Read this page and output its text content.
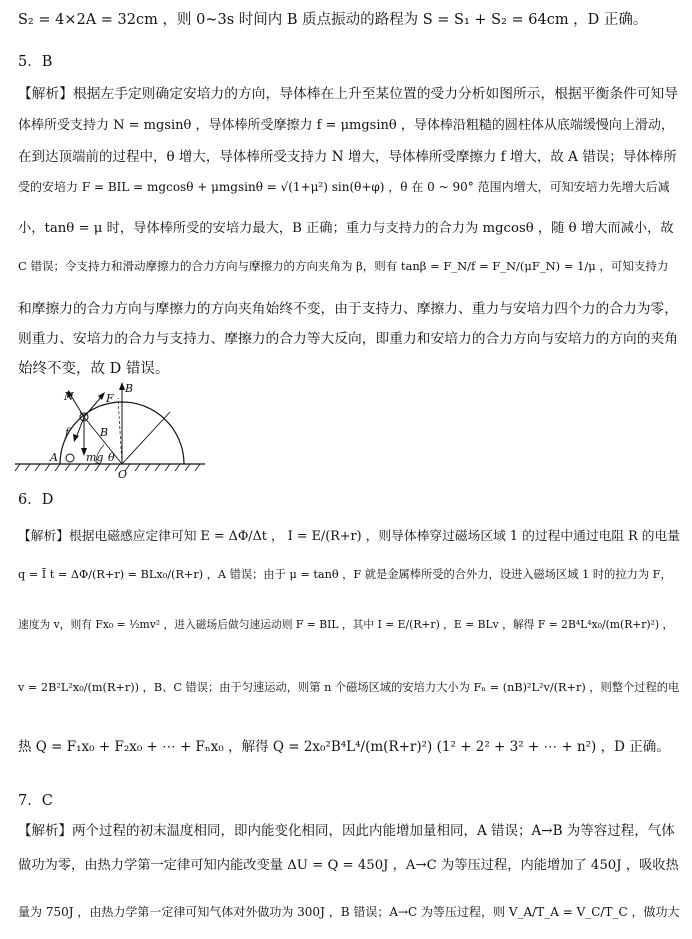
S₂ = 4×2A = 32cm ，则 0~3s 时间内 B 质点振动的路程为 S = S₁ + S₂ = 64cm ，D 正确。
5．B
【解析】根据左手定则确定安培力的方向，导体棒在上升至某位置的受力分析如图所示，根据平衡条件可知导
体棒所受支持力 N = mgsinθ ，导体棒所受摩擦力 f = μmgsinθ ，导体棒沿粗糙的圆柱体从底端缓慢向上滑动，
在到达顶端前的过程中，θ 增大，导体棒所受支持力 N 增大，导体棒所受摩擦力 f 增大，故 A 错误；导体棒所
受的安培力 F = BIL = mgcosθ + μmgsinθ = √(1+μ²) sin(θ+φ) ，θ 在 0 ~ 90° 范围内增大，可知安培力先增大后减
小，tanθ = μ 时，导体棒所受的安培力最大，B 正确；重力与支持力的合力为 mgcosθ ，随 θ 增大而减小，故
C 错误；令支持力和滑动摩擦力的合力方向与摩擦力的方向夹角为 β，则有 tanβ = F_N/f = F_N/(μF_N) = 1/μ ，可知支持力
和摩擦力的合力方向与摩擦力的方向夹角始终不变，由于支持力、摩擦力、重力与安培力四个力的合力为零，
则重力、安培力的合力与支持力、摩擦力的合力等大反向，即重力和安培力的合力方向与安培力的方向的夹角
始终不变，故 D 错误。
B
N	F
f	B
A	mg θ
O
6．D
【解析】根据电磁感应定律可知 E = ΔΦ/Δt ， I = E/(R+r) ，则导体棒穿过磁场区域 1 的过程中通过电阻 R 的电量
q = Ī t = ΔΦ/(R+r) = BLx₀/(R+r) ，A 错误；由于 μ = tanθ ，F 就是金属棒所受的合外力，设进入磁场区域 1 时的拉力为 F，
速度为 v，则有 Fx₀ = ½mv² ，进入磁场后做匀速运动则 F = BIL ，其中 I = E/(R+r) ，E = BLv ，解得 F = 2B⁴L⁴x₀/(m(R+r)²) ，
v = 2B²L²x₀/(m(R+r)) ，B、C 错误；由于匀速运动，则第 n 个磁场区域的安培力大小为 Fₙ = (nB)²L²v/(R+r) ，则整个过程的电
热 Q = F₁x₀ + F₂x₀ + ⋯ + Fₙx₀ ，解得 Q = 2x₀²B⁴L⁴/(m(R+r)²) (1² + 2² + 3² + ⋯ + n²) ，D 正确。
7．C
【解析】两个过程的初末温度相同，即内能变化相同，因此内能增加量相同，A 错误；A→B 为等容过程，气体
做功为零，由热力学第一定律可知内能改变量 ΔU = Q = 450J ，A→C 为等压过程，内能增加了 450J ，吸收热
量为 750J ，由热力学第一定律可知气体对外做功为 300J ，B 错误；A→C 为等压过程，则 V_A/T_A = V_C/T_C ，做功大
